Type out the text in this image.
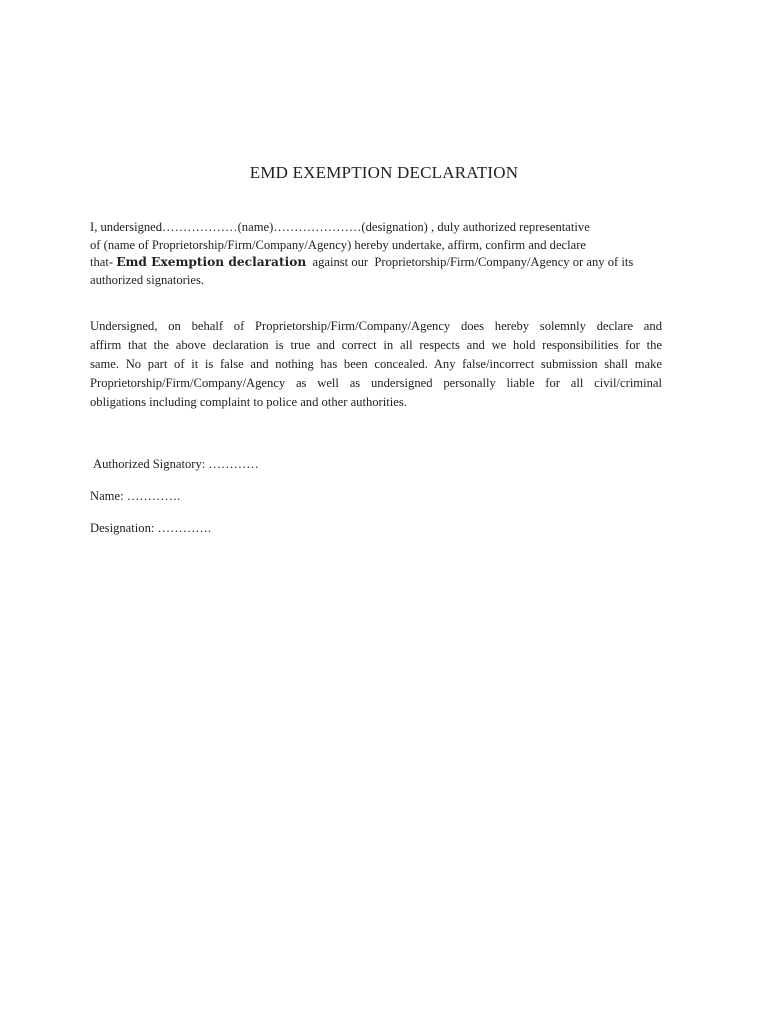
EMD EXEMPTION DECLARATION
I, undersigned………………(name)…………………(designation) , duly authorized representative
of (name of Proprietorship/Firm/Company/Agency) hereby undertake, affirm, confirm and declare
that- Emd Exemption declaration  against our  Proprietorship/Firm/Company/Agency or any of its
authorized signatories.
Undersigned, on behalf of Proprietorship/Firm/Company/Agency does hereby solemnly declare and
affirm that the above declaration is true and correct in all respects and we hold responsibilities for the
same. No part of it is false and nothing has been concealed. Any false/incorrect submission shall make
Proprietorship/Firm/Company/Agency as well as undersigned personally liable for all civil/criminal
obligations including complaint to police and other authorities.
Authorized Signatory: …………
Name: ………….
Designation: ………….
